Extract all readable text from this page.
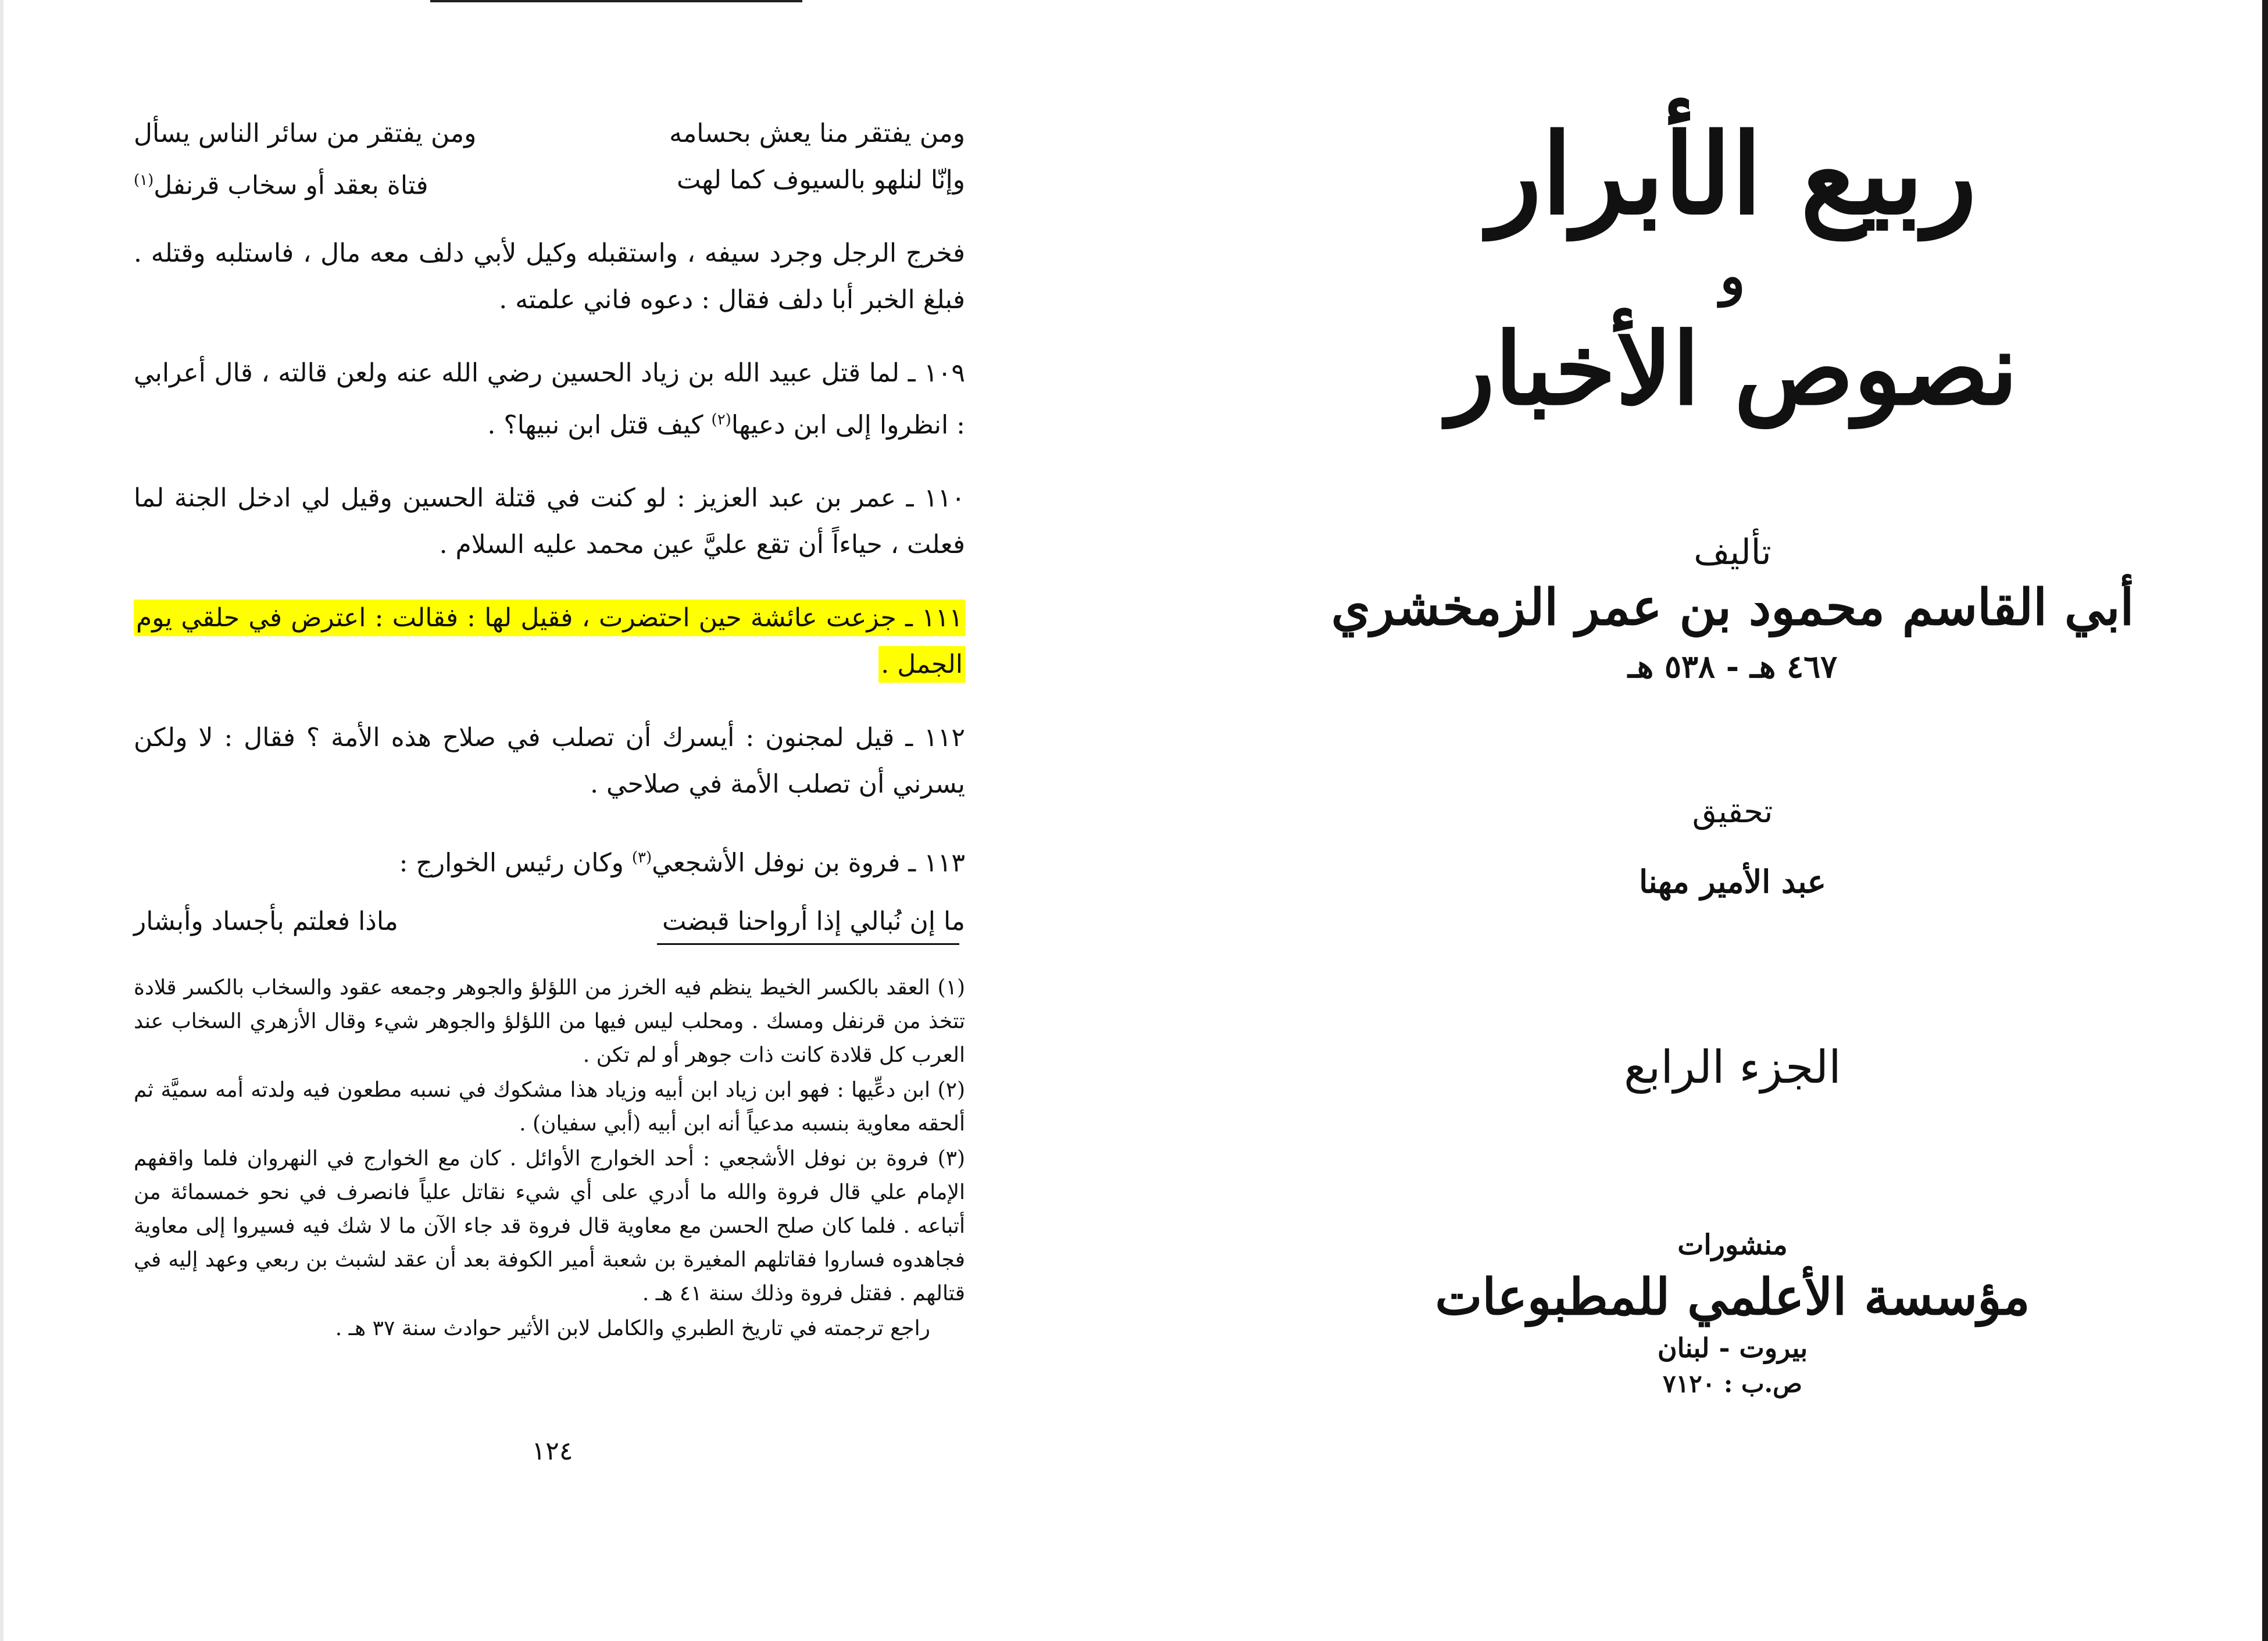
ومن يفتقر منا يعش بحسامه
ومن يفتقر من سائر الناس يسأل
وإنّا لنلهو بالسيوف كما لهت
فتاة بعقد أو سخاب قرنفل$^{(١)}$

فخرج الرجل وجرد سيفه ، واستقبله وكيل لأبي دلف معه مال ، فاستلبه وقتله . فبلغ الخبر أبا دلف فقال : دعوه فاني علمته .

١٠٩ ـ لما قتل عبيد الله بن زياد الحسين رضي الله عنه ولعن قالته ، قال أعرابي : انظروا إلى ابن دعيها$^{(٢)}$ كيف قتل ابن نبيها؟ .

١١٠ ـ عمر بن عبد العزيز : لو كنت في قتلة الحسين وقيل لي ادخل الجنة لما فعلت ، حياءاً أن تقع عليَّ عين محمد عليه السلام .

١١١ ـ جزعت عائشة حين احتضرت ، فقيل لها : فقالت : اعترض في حلقي يوم الجمل .

١١٢ ـ قيل لمجنون : أيسرك أن تصلب في صلاح هذه الأمة ؟ فقال : لا ولكن يسرني أن تصلب الأمة في صلاحي .

١١٣ ـ فروة بن نوفل الأشجعي$^{(٣)}$ وكان رئيس الخوارج :

ما إن نُبالي إذا أرواحنا قبضت
ماذا فعلتم بأجساد وأبشار

(١) العقد بالكسر الخيط ينظم فيه الخرز من اللؤلؤ والجوهر وجمعه عقود والسخاب بالكسر قلادة تتخذ من قرنفل ومسك . ومحلب ليس فيها من اللؤلؤ والجوهر شيء وقال الأزهري السخاب عند العرب كل قلادة كانت ذات جوهر أو لم تكن .

(٢) ابن دعِّيها : فهو ابن زياد ابن أبيه وزياد هذا مشكوك في نسبه مطعون فيه ولدته أمه سميَّة ثم ألحقه معاوية بنسبه مدعياً أنه ابن أبيه (أبي سفيان) .

(٣) فروة بن نوفل الأشجعي : أحد الخوارج الأوائل . كان مع الخوارج في النهروان فلما واقفهم الإمام علي قال فروة والله ما أدري على أي شيء نقاتل علياً فانصرف في نحو خمسمائة من أتباعه . فلما كان صلح الحسن مع معاوية قال فروة قد جاء الآن ما لا شك فيه فسيروا إلى معاوية فجاهدوه فساروا فقاتلهم المغيرة بن شعبة أمير الكوفة بعد أن عقد لشبث بن ربعي وعهد إليه في قتالهم . فقتل فروة وذلك سنة ٤١ هـ .

راجع ترجمته في تاريخ الطبري والكامل لابن الأثير حوادث سنة ٣٧ هـ .

١٢٤
ربيع الأبرار
و
نصوص الأخبار
تأليف
أبي القاسم محمود بن عمر الزمخشري
٤٦٧ هـ - ٥٣٨ هـ
تحقيق
عبد الأمير مهنا
الجزء الرابع
منشورات
مؤسسة الأعلمي للمطبوعات
بيروت - لبنان
ص.ب : ٧١٢٠
